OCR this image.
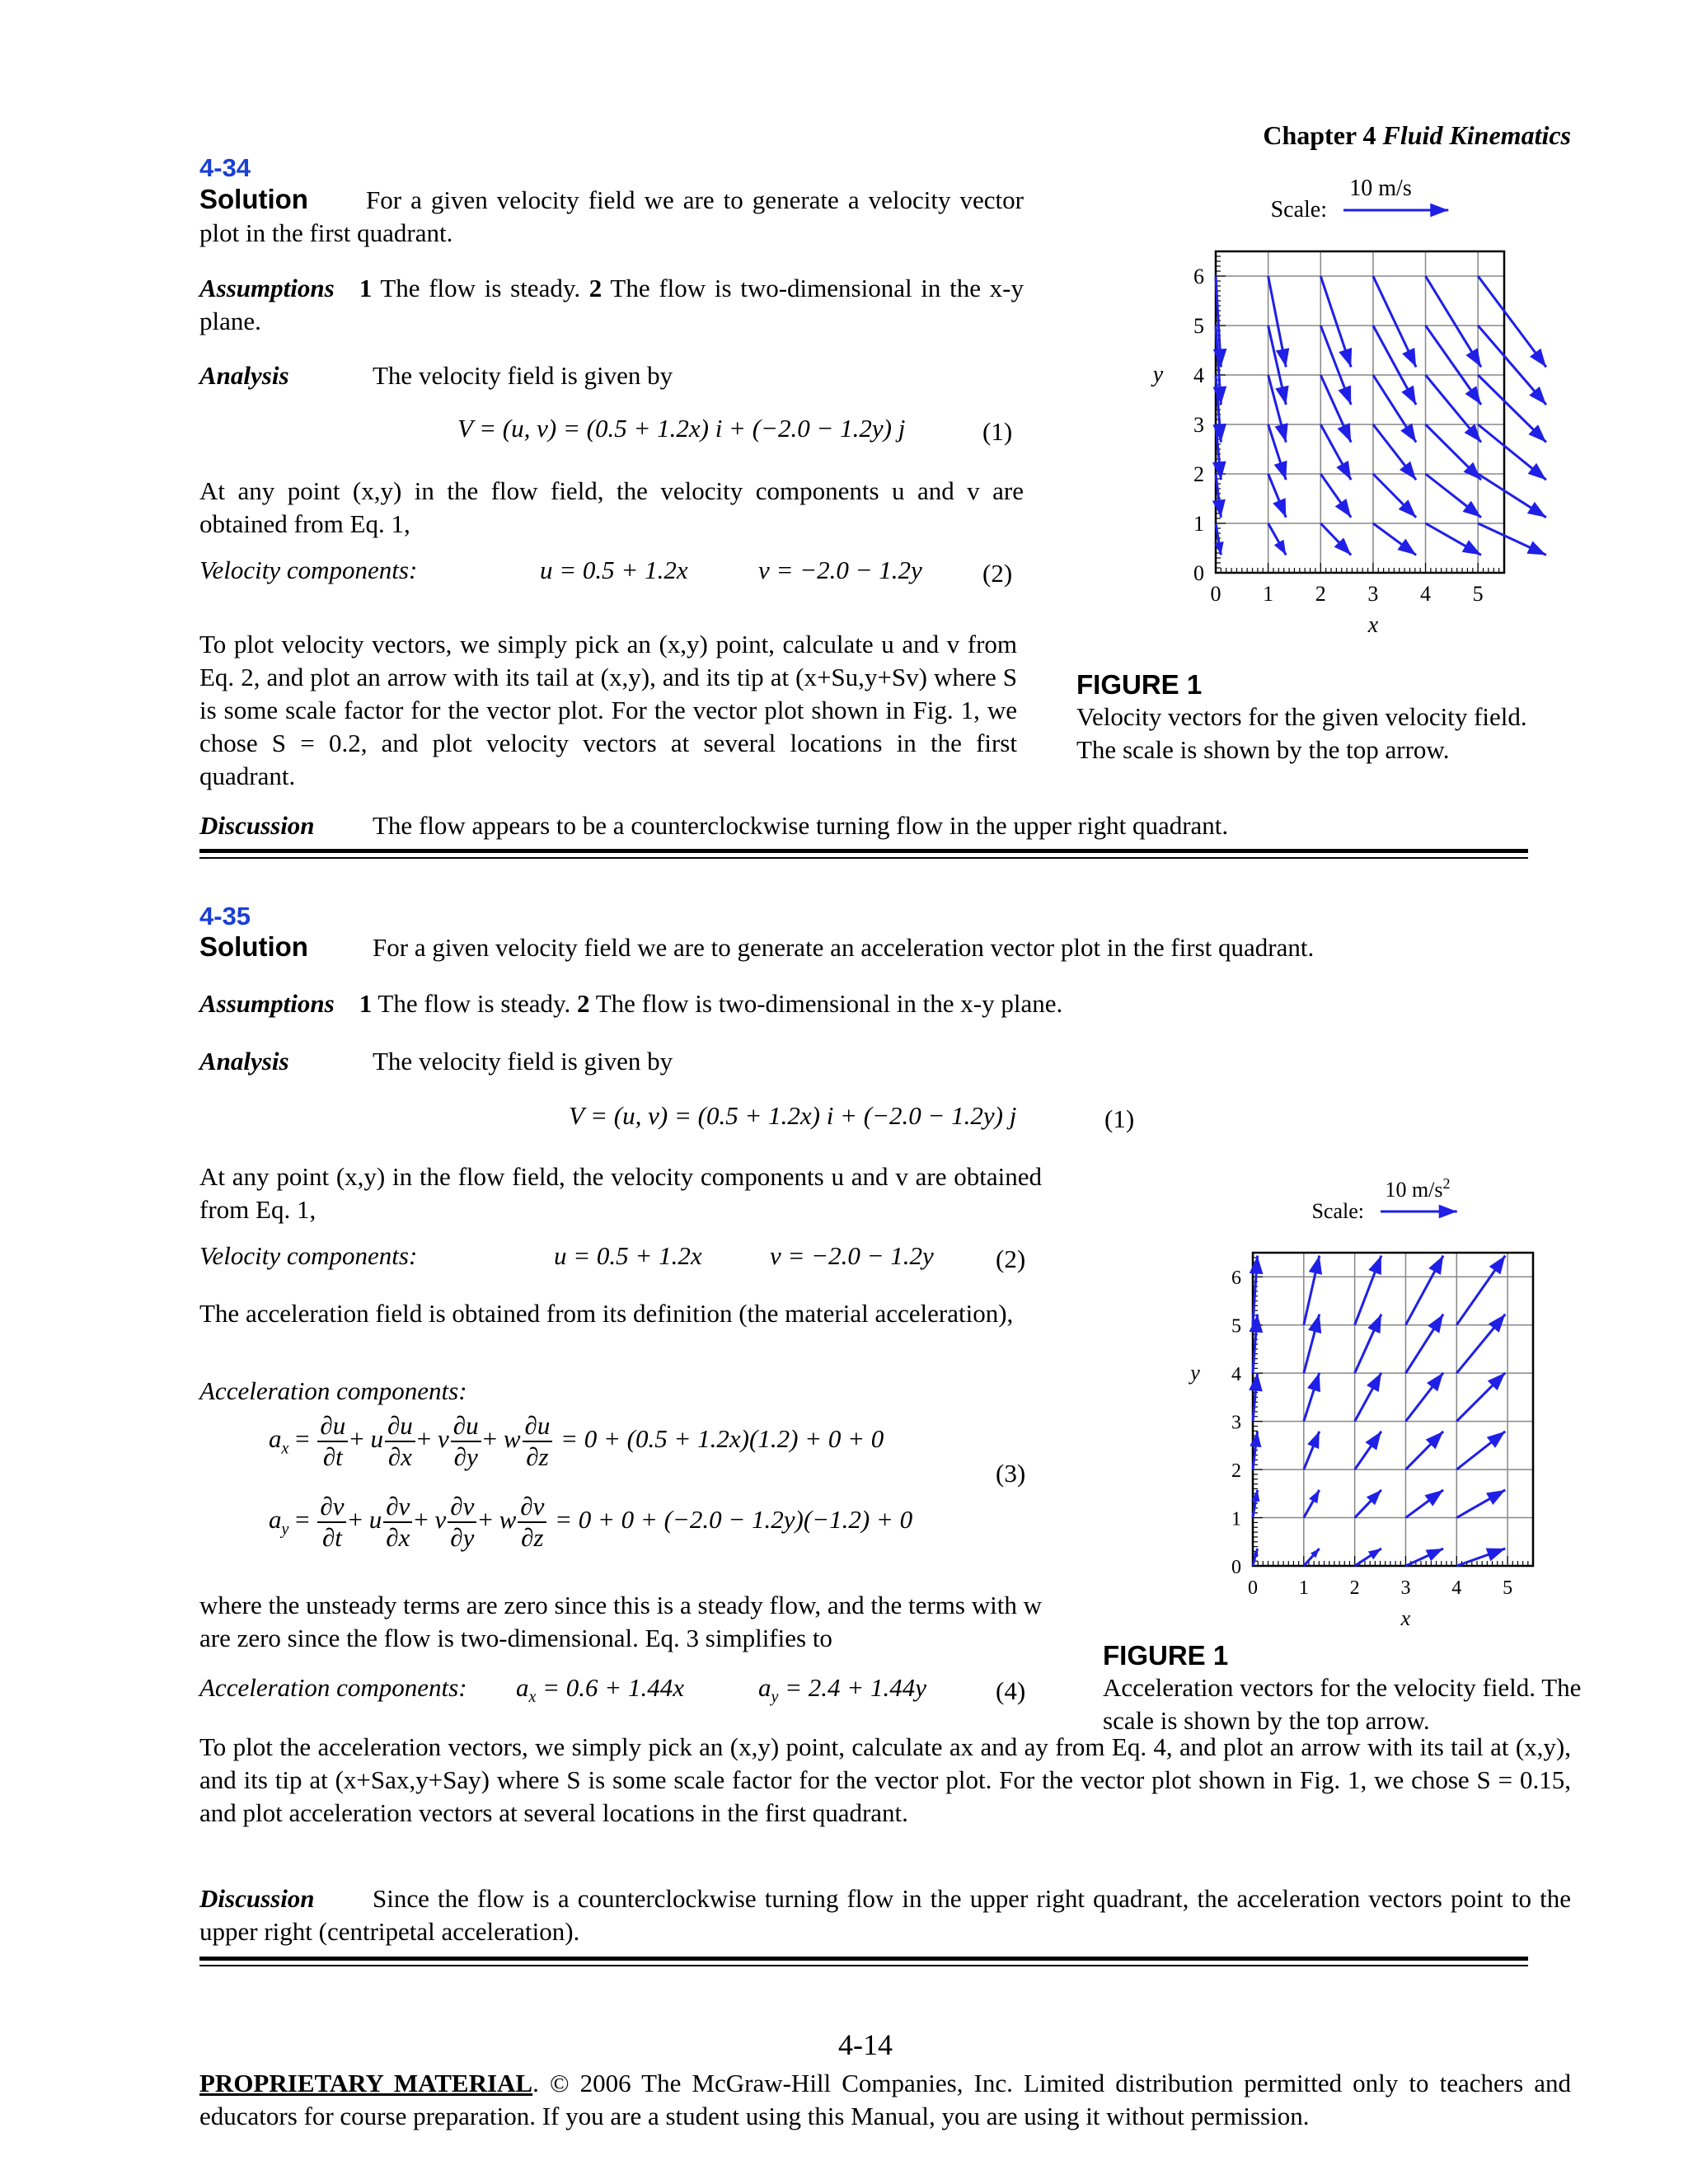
Chapter 4 Fluid Kinematics
4-34
Solution For a given velocity field we are to generate a velocity vector plot in the first quadrant.
Assumptions 1 The flow is steady. 2 The flow is two-dimensional in the x-y plane.
Analysis	The velocity field is given by
V = (u, v) = (0.5 + 1.2x) i + (−2.0 − 1.2y) j	(1)
At any point (x,y) in the flow field, the velocity components u and v are obtained from Eq. 1,
Velocity components:	u = 0.5 + 1.2x	v = −2.0 − 1.2y (2)
To plot velocity vectors, we simply pick an (x,y) point, calculate u and v from Eq. 2, and plot an arrow with its tail at (x,y), and its tip at (x+Su,y+Sv) where S is some scale factor for the vector plot. For the vector plot shown in Fig. 1, we chose S = 0.2, and plot velocity vectors at several locations in the first quadrant.
Discussion The flow appears to be a counterclockwise turning flow in the upper right quadrant.
0 1 2 3 4 5
0
1
2
3
4
5
6
x
y
Scale:
10 m/s
FIGURE 1
Velocity vectors for the given velocity field. The scale is shown by the top arrow.
4-35
Solution	For a given velocity field we are to generate an acceleration vector plot in the first quadrant.
Assumptions 1 The flow is steady. 2 The flow is two-dimensional in the x-y plane.
Analysis	The velocity field is given by
V = (u, v) = (0.5 + 1.2x) i + (−2.0 − 1.2y) j	(1)
At any point (x,y) in the flow field, the velocity components u and v are obtained from Eq. 1,
Velocity components:	u = 0.5 + 1.2x	v = −2.0 − 1.2y (2)
The acceleration field is obtained from its definition (the material acceleration),
Acceleration components:
$a_x = \frac{\partial u}{\partial t} + u \frac{\partial u}{\partial x} + v \frac{\partial u}{\partial y} + w \frac{\partial u}{\partial z} = 0 + (0.5 + 1.2x)(1.2) + 0 + 0$
(3)
$a_y = \frac{\partial v}{\partial t} + u \frac{\partial v}{\partial x} + v \frac{\partial v}{\partial y} + w \frac{\partial v}{\partial z} = 0 + 0 + (-2.0 - 1.2y)(-1.2) + 0$
where the unsteady terms are zero since this is a steady flow, and the terms with w are zero since the flow is two-dimensional. Eq. 3 simplifies to
Acceleration components: $a_x = 0.6 + 1.44x$	$a_y = 2.4 + 1.44y$	(4)
To plot the acceleration vectors, we simply pick an (x,y) point, calculate ax and ay from Eq. 4, and plot an arrow with its tail at (x,y), and its tip at (x+Sax,y+Say) where S is some scale factor for the vector plot. For the vector plot shown in Fig. 1, we chose S = 0.15, and plot acceleration vectors at several locations in the first quadrant.
Discussion Since the flow is a counterclockwise turning flow in the upper right quadrant, the acceleration vectors point to the upper right (centripetal acceleration).
0 1 2 3 4 5
0
1
2
3
4
5
6
x
y
Scale:
10 $m/s^2$
FIGURE 1
Acceleration vectors for the velocity field. The scale is shown by the top arrow.
4-14
PROPRIETARY MATERIAL. © 2006 The McGraw-Hill Companies, Inc. Limited distribution permitted only to teachers and educators for course preparation. If you are a student using this Manual, you are using it without permission.
